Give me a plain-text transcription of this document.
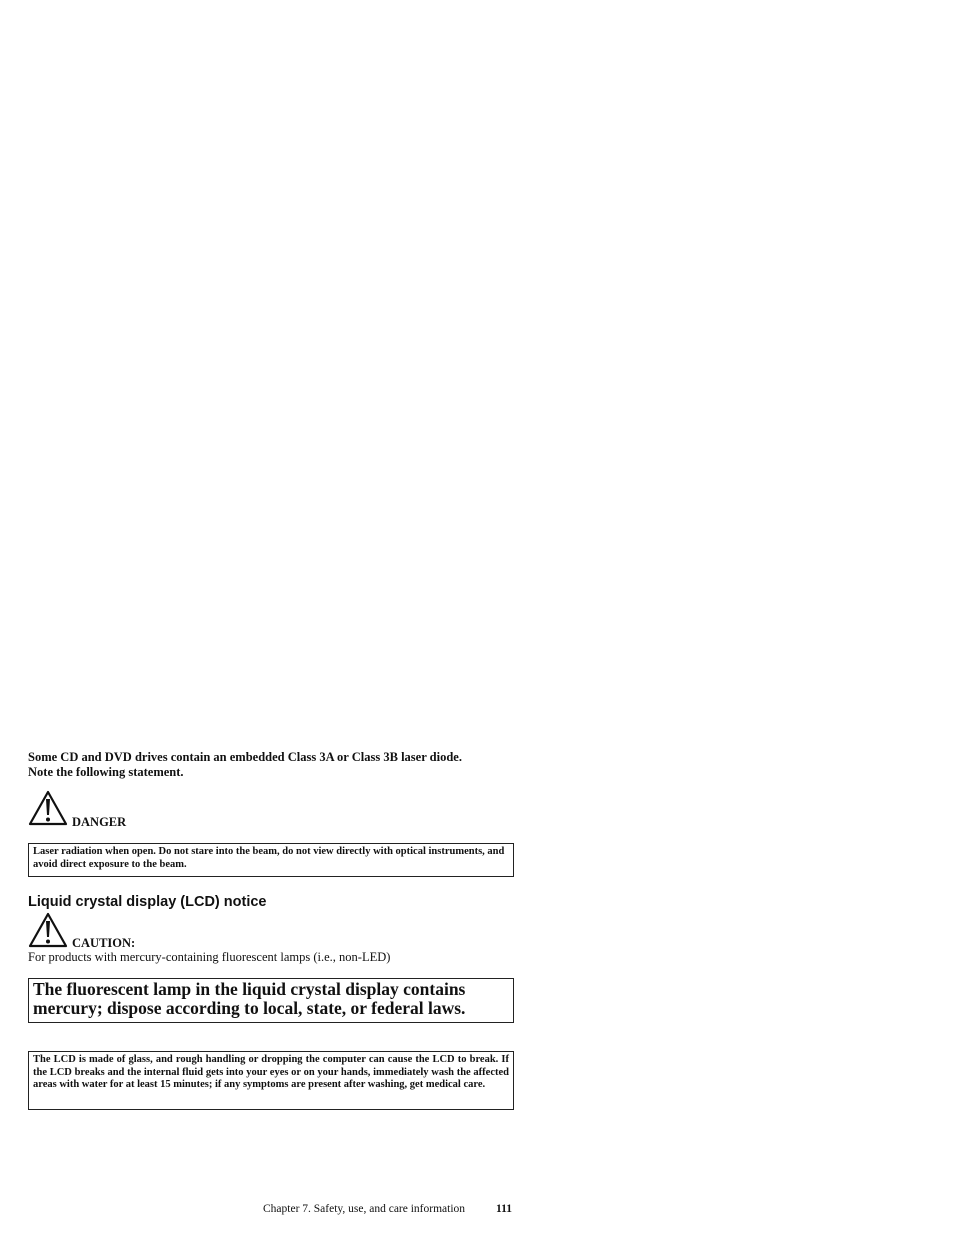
Some CD and DVD drives contain an embedded Class 3A or Class 3B laser diode.
Note the following statement.
DANGER
Laser radiation when open. Do not stare into the beam, do not view directly with optical instruments, and avoid direct exposure to the beam.
Liquid crystal display (LCD) notice
CAUTION:
For products with mercury-containing fluorescent lamps (i.e., non-LED)
The fluorescent lamp in the liquid crystal display contains
mercury; dispose according to local, state, or federal laws.
The LCD is made of glass, and rough handling or dropping the computer can cause the LCD to break. If the LCD breaks and the internal fluid gets into your eyes or on your hands, immediately wash the affected areas with water for at least 15 minutes; if any symptoms are present after washing, get medical care.
Chapter 7. Safety, use, and care information	111
